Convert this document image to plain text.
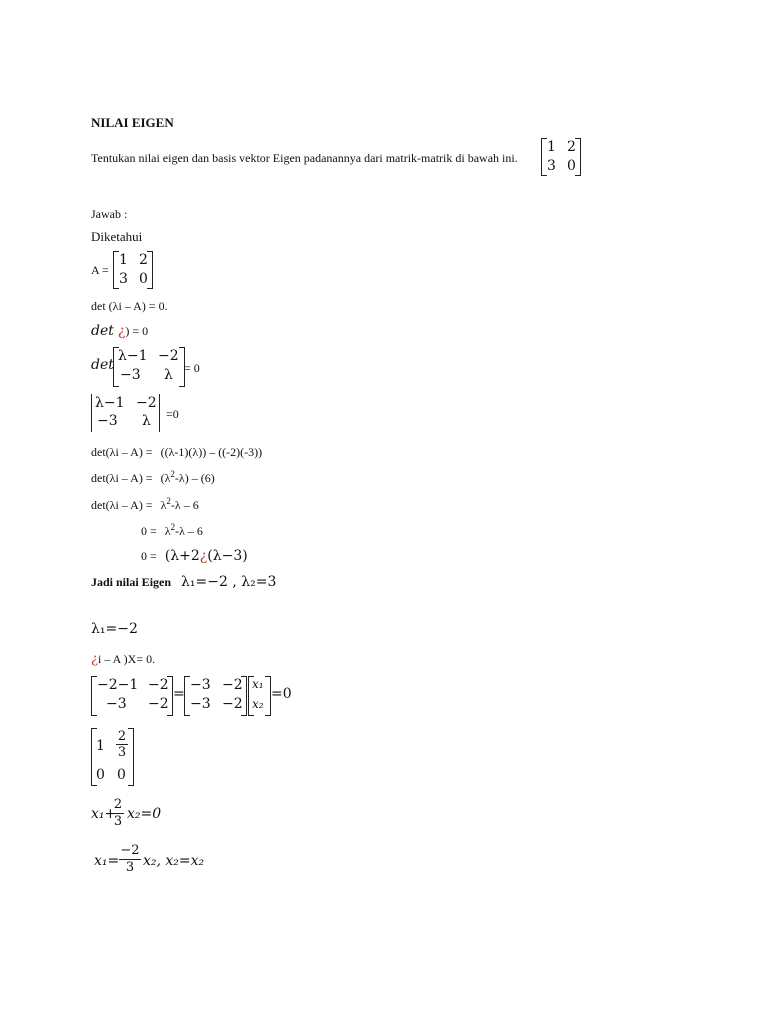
NILAI EIGEN
Tentukan nilai eigen dan basis vektor Eigen padanannya dari matrik-matrik di bawah ini.
1 2
3 0
Jawab :
Diketahui
A =
1 2
3 0
det (λi – A) = 0.
det ¿) = 0
det
λ−1 −2
−3 λ = 0
λ−1 −2
−3 λ =0
det(λi – A) = ((λ-1)(λ)) – ((-2)(-3))
$\det(\lambda i - A) = (\lambda^2-\lambda) - (6)$
$\det(\lambda i - A) = \lambda^2-\lambda - 6$
$0 = \lambda^2-\lambda - 6$
0 = (λ+2¿(λ−3)
Jadi nilai Eigen λ₁=−2 , λ₂=3
λ₁=−2
¿i – A )X= 0.
−2−1 −2
−3 −2
=
−3 −2
−3 −2
x₁
x₂
=0
$1 \frac{2}{3}$
0 0
x₁+
$\frac{2}{3} x_2=0$
$x_1= \frac{-2}{3} x_2$, x₂=x₂
